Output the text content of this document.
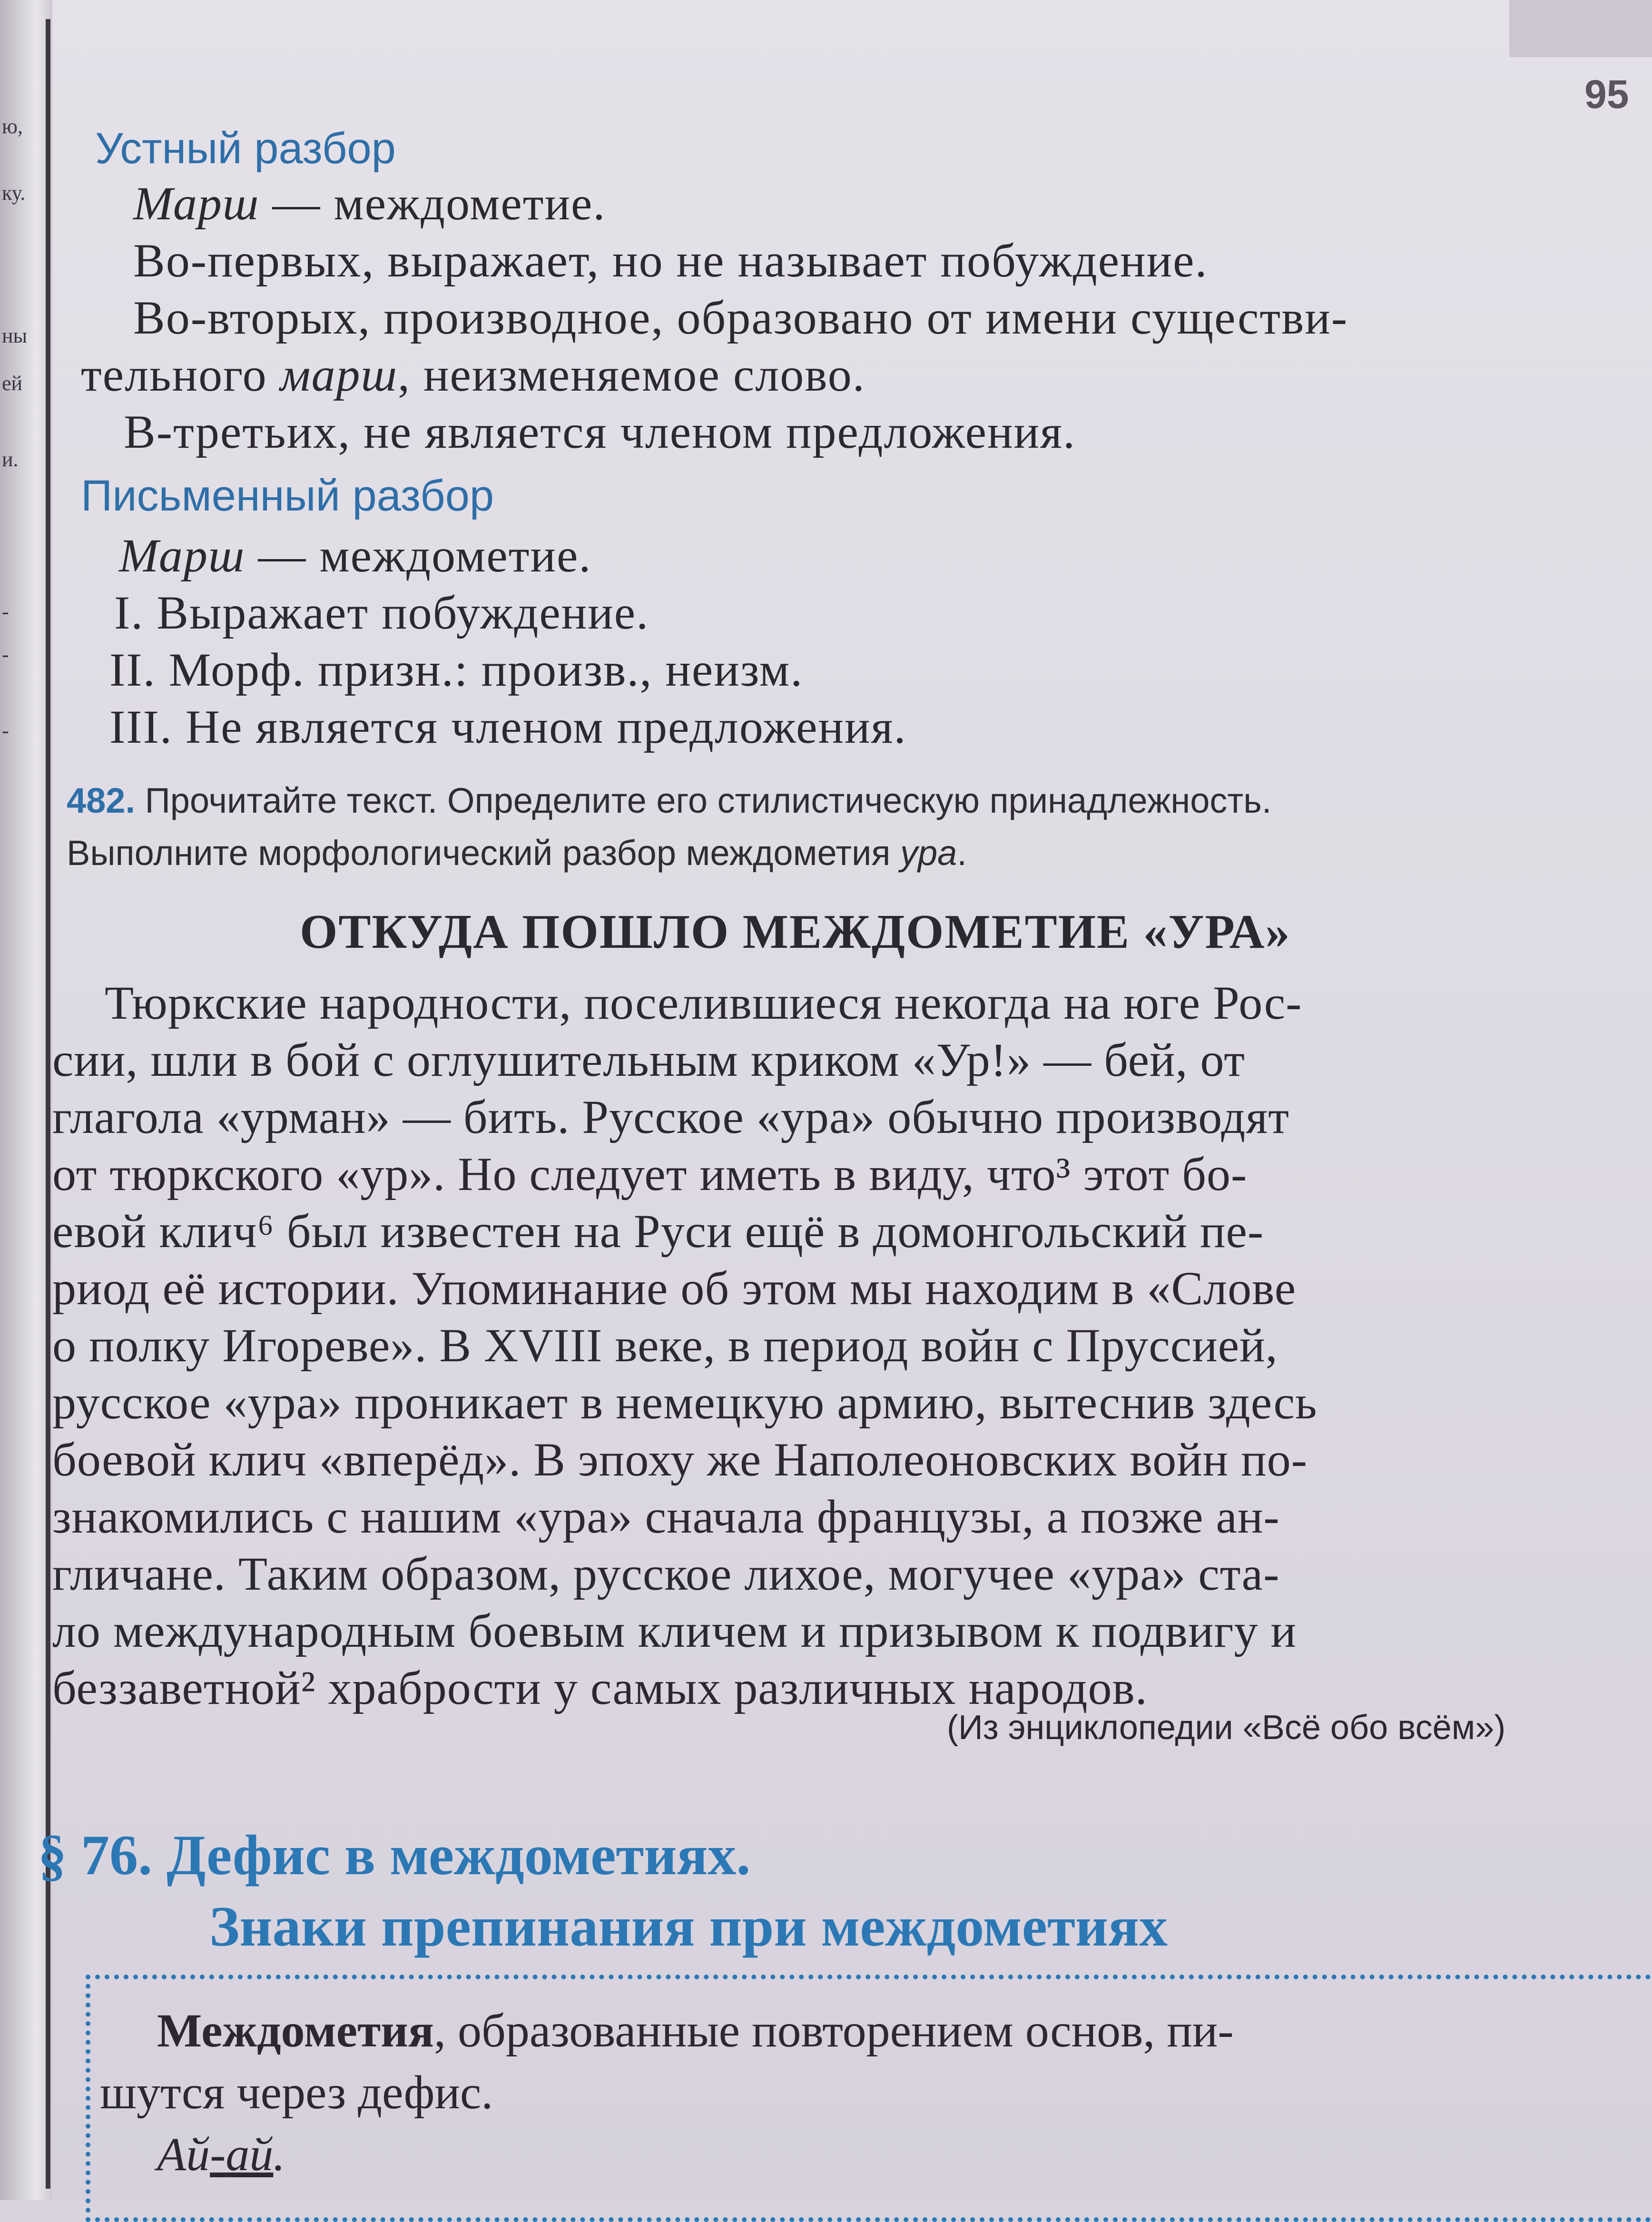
ю,
ку.
ны
ей
и.
-
-
-
95
Устный разбор
Марш — междометие.
Во-первых, выражает, но не называет побуждение.
Во-вторых, производное, образовано от имени существи-
тельного марш, неизменяемое слово.
В-третьих, не является членом предложения.
Письменный разбор
Марш — междометие.
I. Выражает побуждение.
II. Морф. призн.: произв., неизм.
III. Не является членом предложения.
482. Прочитайте текст. Определите его стилистическую принадлежность.
Выполните морфологический разбор междометия ура.
ОТКУДА ПОШЛО МЕЖДОМЕТИЕ «УРА»
Тюркские народности, поселившиеся некогда на юге Рос-
сии, шли в бой с оглушительным криком «Ур!» — бей, от
глагола «урман» — бить. Русское «ура» обычно производят
от тюркского «ур». Но следует иметь в виду, что³ этот бо-
евой клич⁶ был известен на Руси ещё в домонгольский пе-
риод её истории. Упоминание об этом мы находим в «Слове
о полку Игореве». В XVIII веке, в период войн с Пруссией,
русское «ура» проникает в немецкую армию, вытеснив здесь
боевой клич «вперёд». В эпоху же Наполеоновских войн по-
знакомились с нашим «ура» сначала французы, а позже ан-
гличане. Таким образом, русское лихое, могучее «ура» ста-
ло международным боевым кличем и призывом к подвигу и
беззаветной² храбрости у самых различных народов.
(Из энциклопедии «Всё обо всём»)
§ 76. Дефис в междометиях.
Знаки препинания при междометиях
Междометия, образованные повторением основ, пи-
шутся через дефис.
Ай-ай.
